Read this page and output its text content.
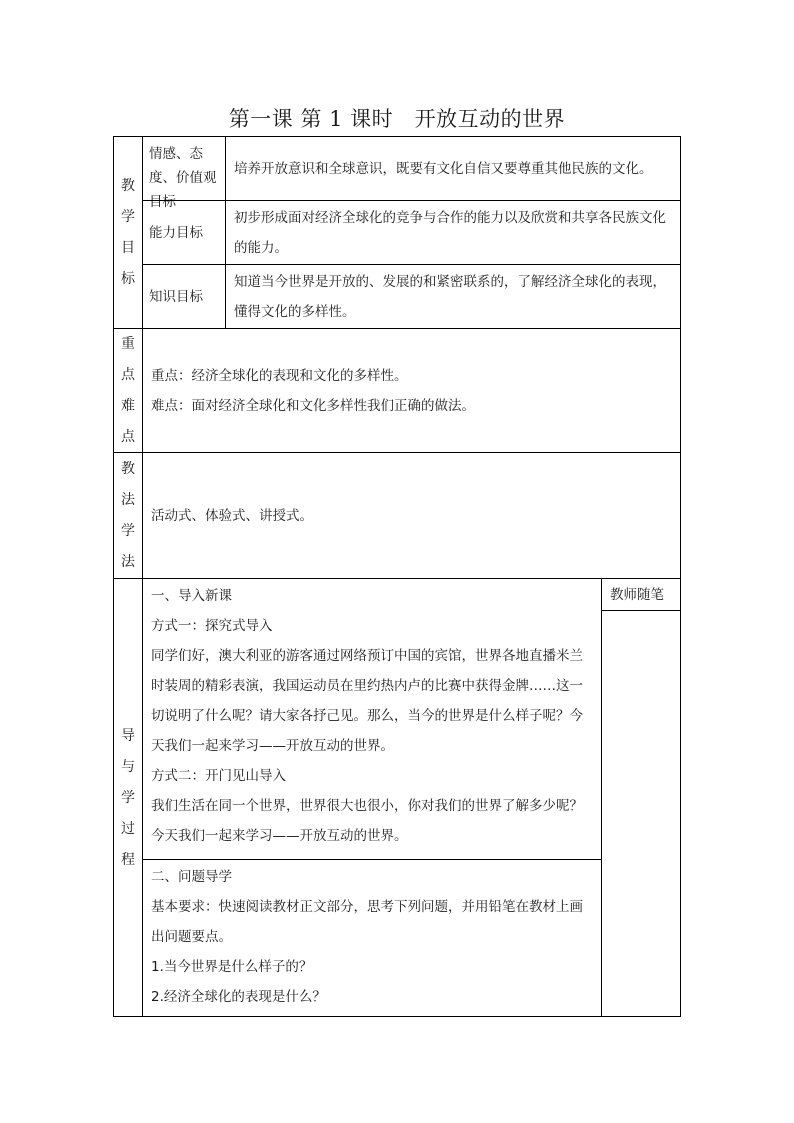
第一课 第 1 课时　开放互动的世界
教
学
目
标
情感、态度、价值观目标

培养开放意识和全球意识，既要有文化自信又要尊重其他民族的文化。

能力目标

初步形成面对经济全球化的竞争与合作的能力以及欣赏和共享各民族文化的能力。

知识目标

知道当今世界是开放的、发展的和紧密联系的，了解经济全球化的表现，懂得文化的多样性。

重
点
难
点

重点：经济全球化的表现和文化的多样性。

难点：面对经济全球化和文化多样性我们正确的做法。

教
法
学
法

活动式、体验式、讲授式。

导
与
学
过
程

一、导入新课

方式一：探究式导入

同学们好，澳大利亚的游客通过网络预订中国的宾馆，世界各地直播米兰时装周的精彩表演，我国运动员在里约热内卢的比赛中获得金牌……这一切说明了什么呢？请大家各抒己见。那么，当今的世界是什么样子呢？今天我们一起来学习——开放互动的世界。

方式二：开门见山导入

我们生活在同一个世界，世界很大也很小，你对我们的世界了解多少呢？今天我们一起来学习——开放互动的世界。

二、问题导学

基本要求：快速阅读教材正文部分，思考下列问题，并用铅笔在教材上画出问题要点。

1.当今世界是什么样子的？

2.经济全球化的表现是什么？

教师随笔
